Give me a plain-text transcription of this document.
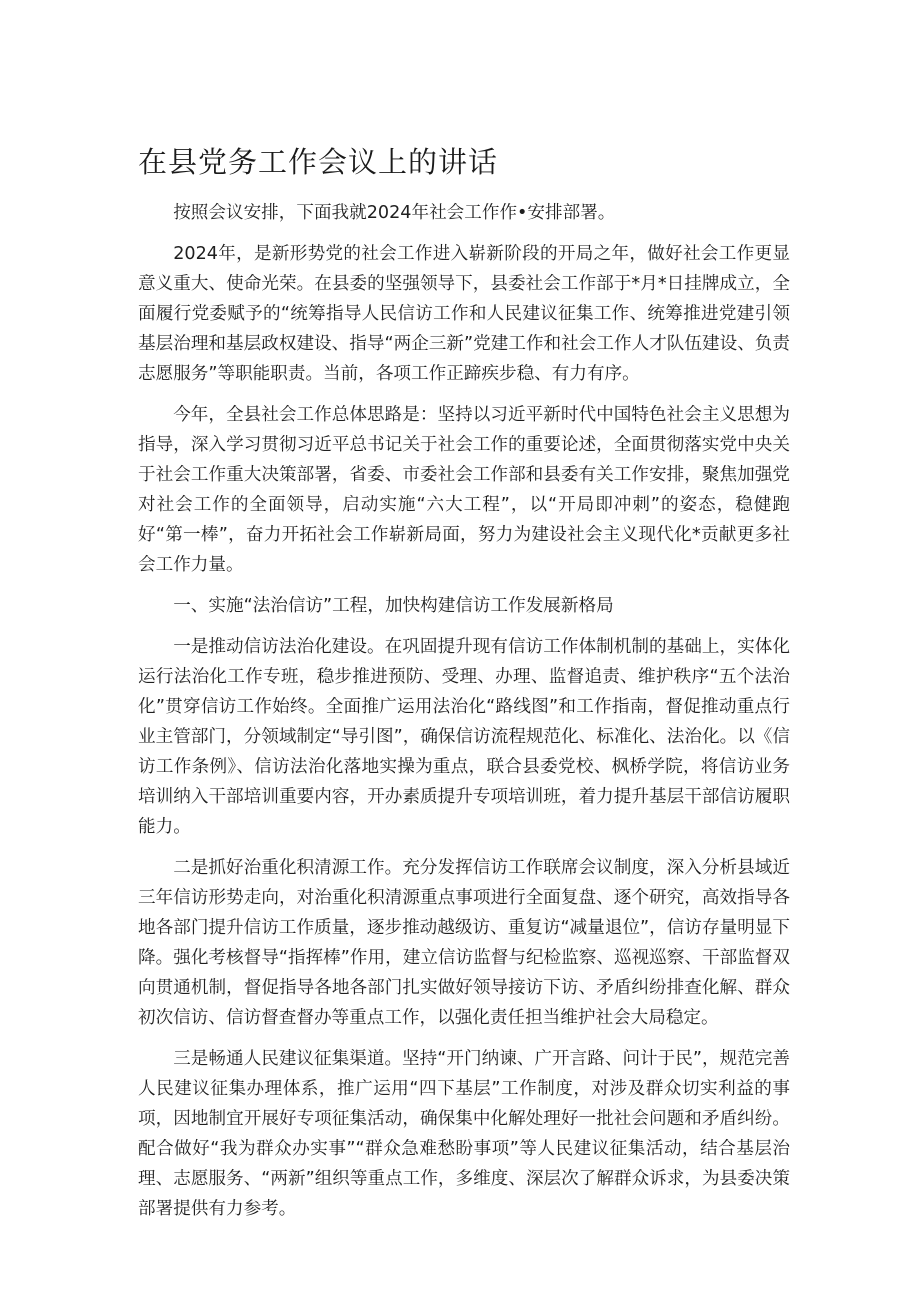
在县党务工作会议上的讲话

按照会议安排，下面我就2024年社会工作作•安排部署。

2024年，是新形势党的社会工作进入崭新阶段的开局之年，做好社会工作更显意义重大、使命光荣。在县委的坚强领导下，县委社会工作部于*月*日挂牌成立，全面履行党委赋予的“统筹指导人民信访工作和人民建议征集工作、统筹推进党建引领基层治理和基层政权建设、指导“两企三新”党建工作和社会工作人才队伍建设、负责志愿服务”等职能职责。当前，各项工作正蹄疾步稳、有力有序。

今年，全县社会工作总体思路是：坚持以习近平新时代中国特色社会主义思想为指导，深入学习贯彻习近平总书记关于社会工作的重要论述，全面贯彻落实党中央关于社会工作重大决策部署，省委、市委社会工作部和县委有关工作安排，聚焦加强党对社会工作的全面领导，启动实施“六大工程”，以“开局即冲刺”的姿态，稳健跑好“第一棒”，奋力开拓社会工作崭新局面，努力为建设社会主义现代化*贡献更多社会工作力量。

一、实施“法治信访”工程，加快构建信访工作发展新格局

一是推动信访法治化建设。在巩固提升现有信访工作体制机制的基础上，实体化运行法治化工作专班，稳步推进预防、受理、办理、监督追责、维护秩序“五个法治化”贯穿信访工作始终。全面推广运用法治化“路线图”和工作指南，督促推动重点行业主管部门，分领域制定“导引图”，确保信访流程规范化、标准化、法治化。以《信访工作条例》、信访法治化落地实操为重点，联合县委党校、枫桥学院，将信访业务培训纳入干部培训重要内容，开办素质提升专项培训班，着力提升基层干部信访履职能力。

二是抓好治重化积清源工作。充分发挥信访工作联席会议制度，深入分析县域近三年信访形势走向，对治重化积清源重点事项进行全面复盘、逐个研究，高效指导各地各部门提升信访工作质量，逐步推动越级访、重复访“减量退位”，信访存量明显下降。强化考核督导“指挥棒”作用，建立信访监督与纪检监察、巡视巡察、干部监督双向贯通机制，督促指导各地各部门扎实做好领导接访下访、矛盾纠纷排查化解、群众初次信访、信访督查督办等重点工作，以强化责任担当维护社会大局稳定。

三是畅通人民建议征集渠道。坚持“开门纳谏、广开言路、问计于民”，规范完善人民建议征集办理体系，推广运用“四下基层”工作制度，对涉及群众切实利益的事项，因地制宜开展好专项征集活动，确保集中化解处理好一批社会问题和矛盾纠纷。配合做好“我为群众办实事”“群众急难愁盼事项”等人民建议征集活动，结合基层治理、志愿服务、“两新”组织等重点工作，多维度、深层次了解群众诉求，为县委决策部署提供有力参考。
